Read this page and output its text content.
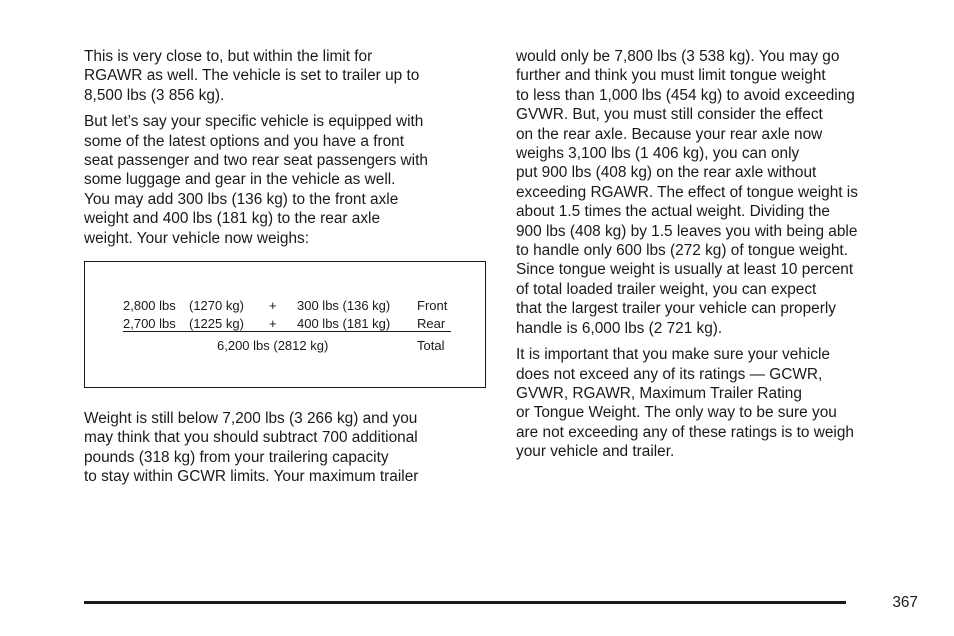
This is very close to, but within the limit for
RGAWR as well. The vehicle is set to trailer up to
8,500 lbs (3 856 kg).

But let’s say your specific vehicle is equipped with
some of the latest options and you have a front
seat passenger and two rear seat passengers with
some luggage and gear in the vehicle as well.
You may add 300 lbs (136 kg) to the front axle
weight and 400 lbs (181 kg) to the rear axle
weight. Your vehicle now weighs:

2,800 lbs (1270 kg) + 300 lbs (136 kg) Front
2,700 lbs (1225 kg) + 400 lbs (181 kg) Rear
6,200 lbs (2812 kg)	Total

Weight is still below 7,200 lbs (3 266 kg) and you
may think that you should subtract 700 additional
pounds (318 kg) from your trailering capacity
to stay within GCWR limits. Your maximum trailer

would only be 7,800 lbs (3 538 kg). You may go
further and think you must limit tongue weight
to less than 1,000 lbs (454 kg) to avoid exceeding
GVWR. But, you must still consider the effect
on the rear axle. Because your rear axle now
weighs 3,100 lbs (1 406 kg), you can only
put 900 lbs (408 kg) on the rear axle without
exceeding RGAWR. The effect of tongue weight is
about 1.5 times the actual weight. Dividing the
900 lbs (408 kg) by 1.5 leaves you with being able
to handle only 600 lbs (272 kg) of tongue weight.
Since tongue weight is usually at least 10 percent
of total loaded trailer weight, you can expect
that the largest trailer your vehicle can properly
handle is 6,000 lbs (2 721 kg).

It is important that you make sure your vehicle
does not exceed any of its ratings — GCWR,
GVWR, RGAWR, Maximum Trailer Rating
or Tongue Weight. The only way to be sure you
are not exceeding any of these ratings is to weigh
your vehicle and trailer.

367
